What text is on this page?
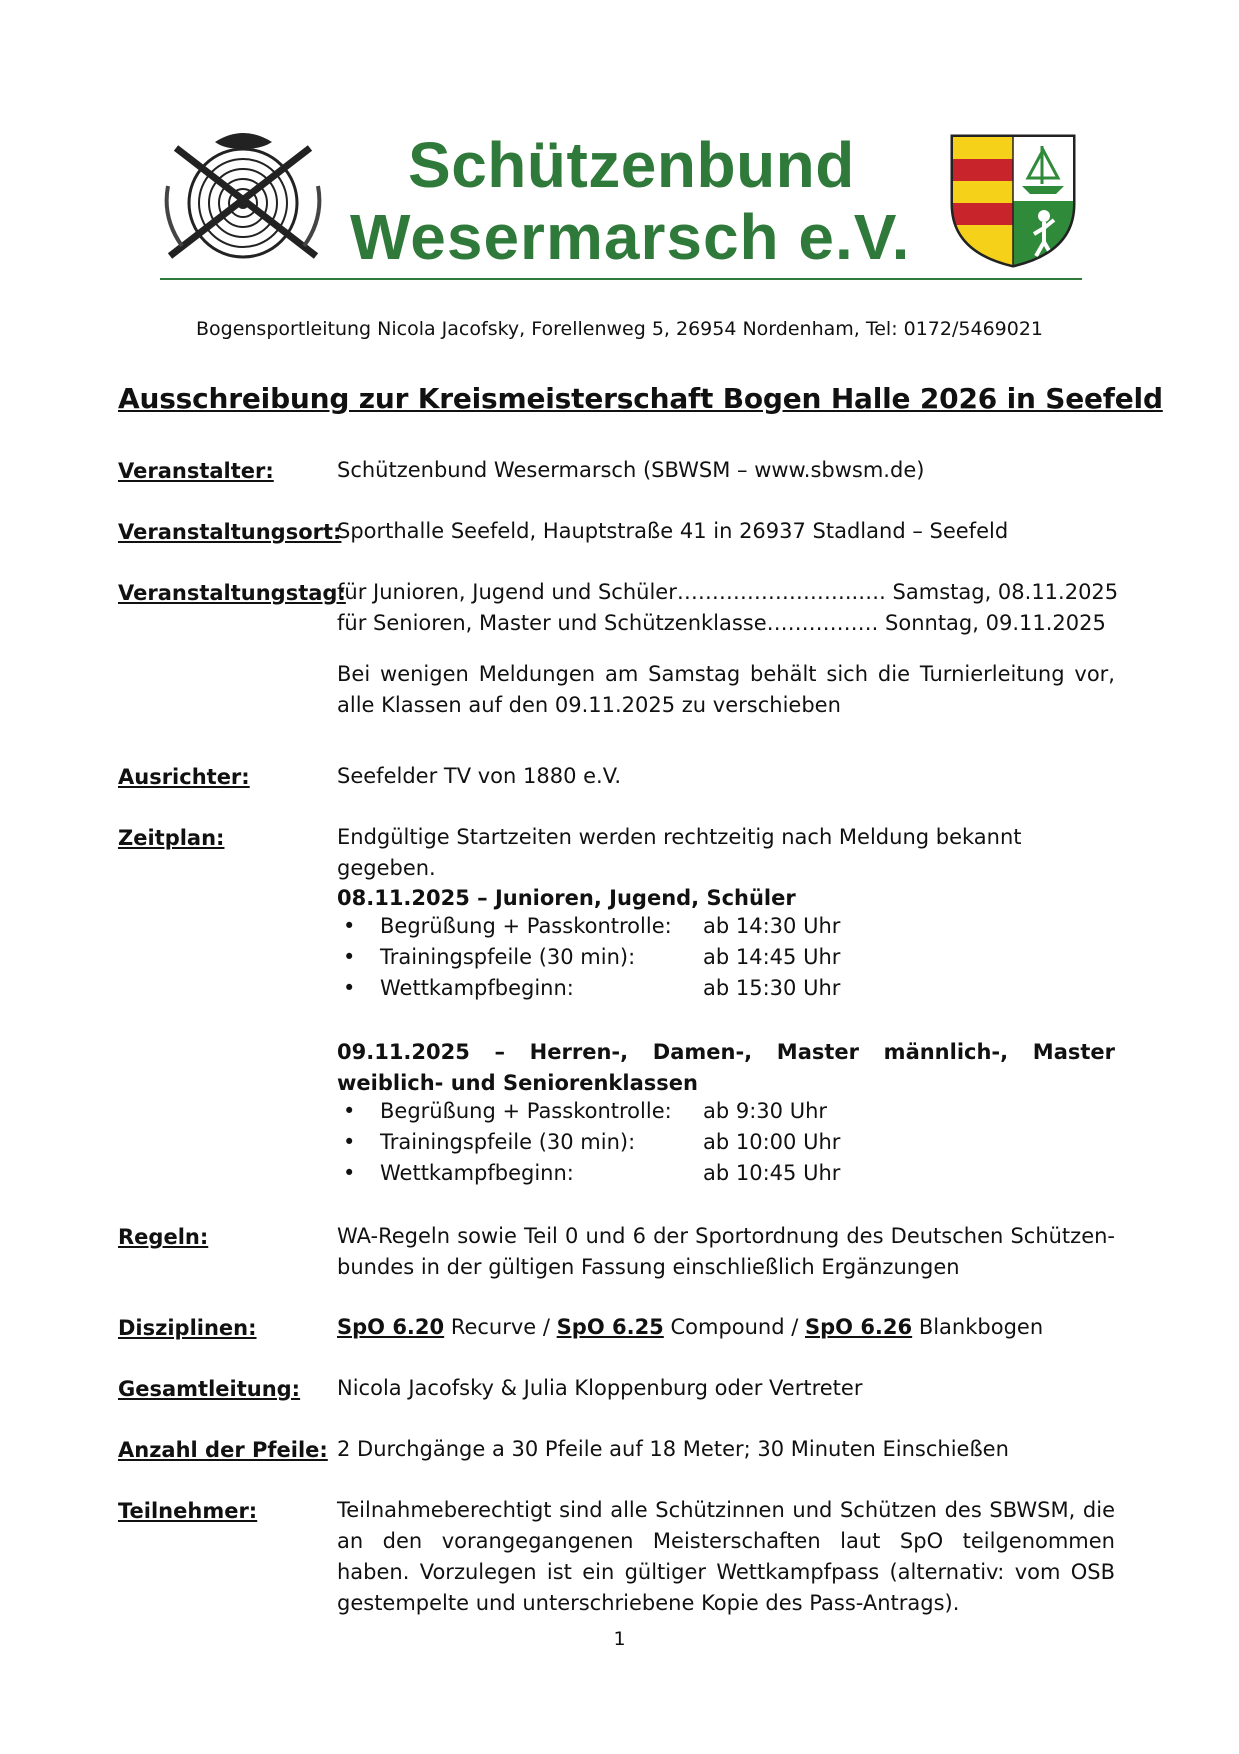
Schützenbund
Wesermarsch e.V.
Bogensportleitung Nicola Jacofsky, Forellenweg 5, 26954 Nordenham, Tel: 0172/5469021
Ausschreibung zur Kreismeisterschaft Bogen Halle 2026 in Seefeld
Veranstalter:	Schützenbund Wesermarsch (SBWSM – www.sbwsm.de)
Veranstaltungsort:
Sporthalle Seefeld, Hauptstraße 41 in 26937 Stadland – Seefeld
Veranstaltungstag:
für Junioren, Jugend und Schüler……………………..…. Samstag, 08.11.2025
für Senioren, Master und Schützenklasse……………. Sonntag, 09.11.2025
Bei wenigen Meldungen am Samstag behält sich die Turnierleitung vor, alle Klassen auf den 09.11.2025 zu verschieben
Ausrichter:	Seefelder TV von 1880 e.V.
Zeitplan:	Endgültige Startzeiten werden rechtzeitig nach Meldung bekannt gegeben.
08.11.2025 – Junioren, Jugend, Schüler
• Begrüßung + Passkontrolle: ab 14:30 Uhr
• Trainingspfeile (30 min):	ab 14:45 Uhr
• Wettkampfbeginn:	ab 15:30 Uhr
09.11.2025 – Herren-, Damen-, Master männlich-, Master weiblich- und Seniorenklassen
• Begrüßung + Passkontrolle: ab 9:30 Uhr
• Trainingspfeile (30 min):	ab 10:00 Uhr
• Wettkampfbeginn:	ab 10:45 Uhr
Regeln:	WA-Regeln sowie Teil 0 und 6 der Sportordnung des Deutschen Schützen-bundes in der gültigen Fassung einschließlich Ergänzungen
Disziplinen:	SpO 6.20 Recurve / SpO 6.25 Compound / SpO 6.26 Blankbogen
Gesamtleitung: Nicola Jacofsky & Julia Kloppenburg oder Vertreter
Anzahl der Pfeile: 2 Durchgänge a 30 Pfeile auf 18 Meter; 30 Minuten Einschießen
Teilnehmer:	Teilnahmeberechtigt sind alle Schützinnen und Schützen des SBWSM, die an den vorangegangenen Meisterschaften laut SpO teilgenommen haben. Vorzulegen ist ein gültiger Wettkampfpass (alternativ: vom OSB gestempelte und unterschriebene Kopie des Pass-Antrags).
1
